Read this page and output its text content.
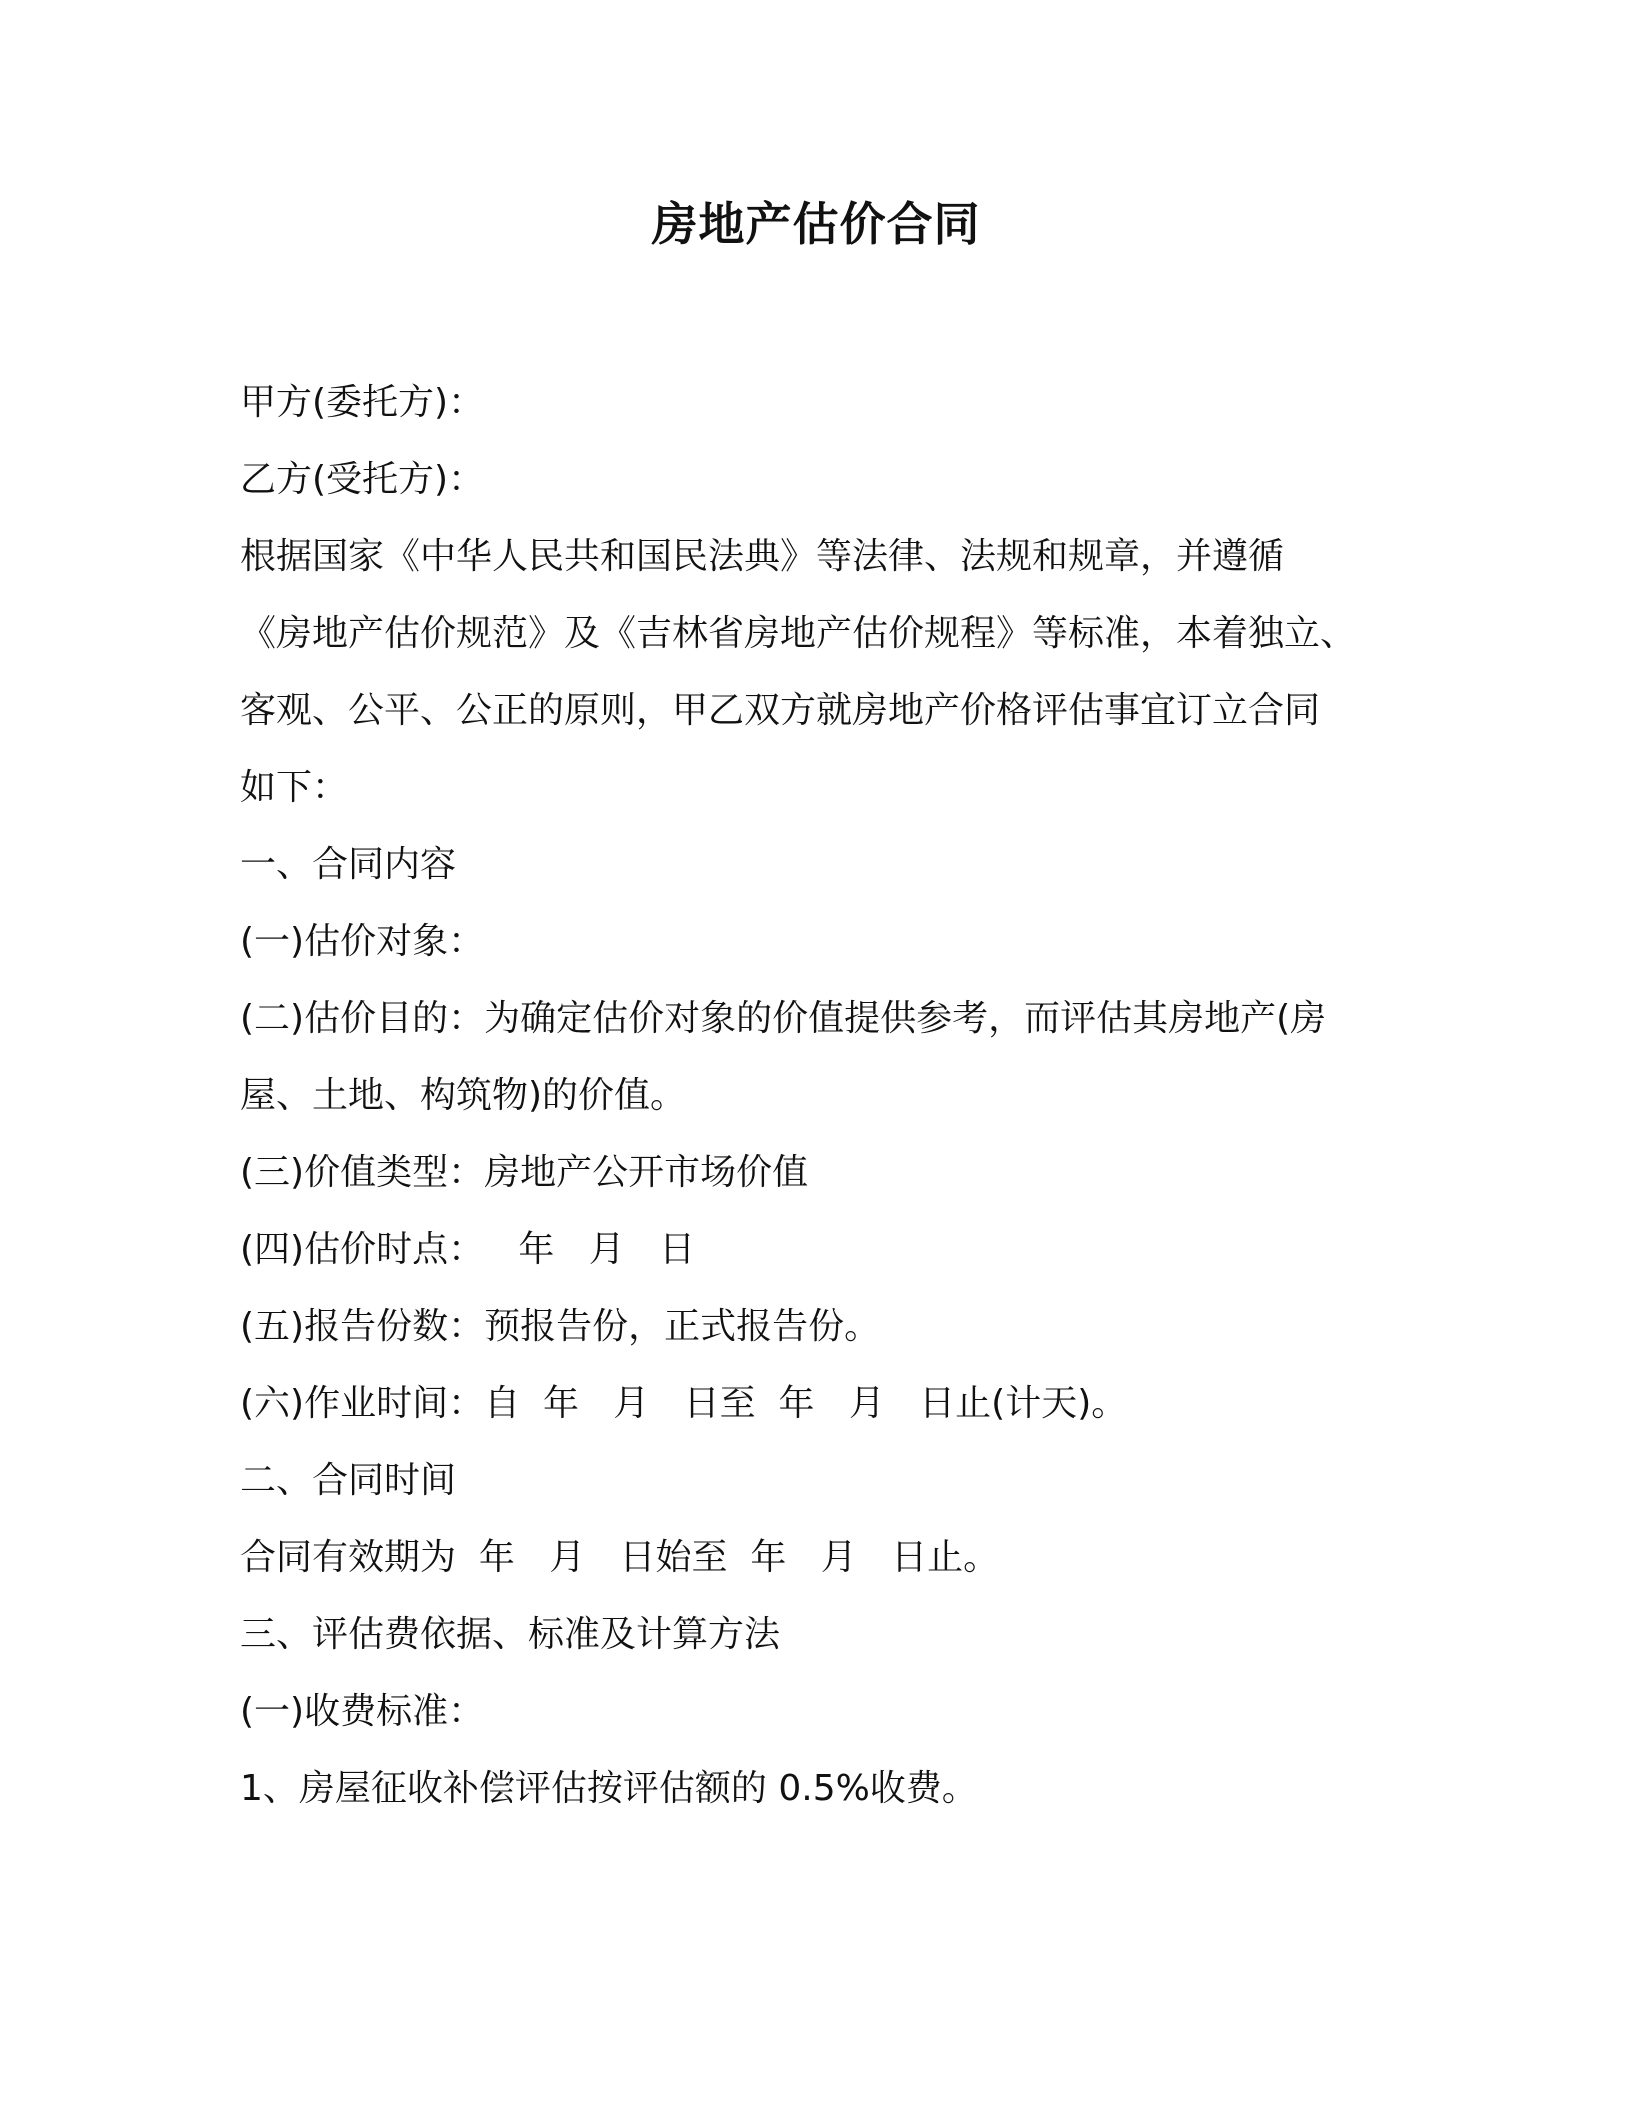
房地产估价合同

甲方(委托方)：

乙方(受托方)：

根据国家《中华人民共和国民法典》等法律、法规和规章，并遵循

《房地产估价规范》及《吉林省房地产估价规程》等标准，本着独立、

客观、公平、公正的原则，甲乙双方就房地产价格评估事宜订立合同

如下：

一、合同内容

(一)估价对象：

(二)估价目的：为确定估价对象的价值提供参考，而评估其房地产(房

屋、土地、构筑物)的价值。

(三)价值类型：房地产公开市场价值

(四)估价时点：   年   月   日

(五)报告份数：预报告份，正式报告份。

(六)作业时间：自  年   月   日至  年   月   日止(计天)。

二、合同时间

合同有效期为  年   月   日始至  年   月   日止。

三、评估费依据、标准及计算方法

(一)收费标准：

1、房屋征收补偿评估按评估额的 0.5%收费。
